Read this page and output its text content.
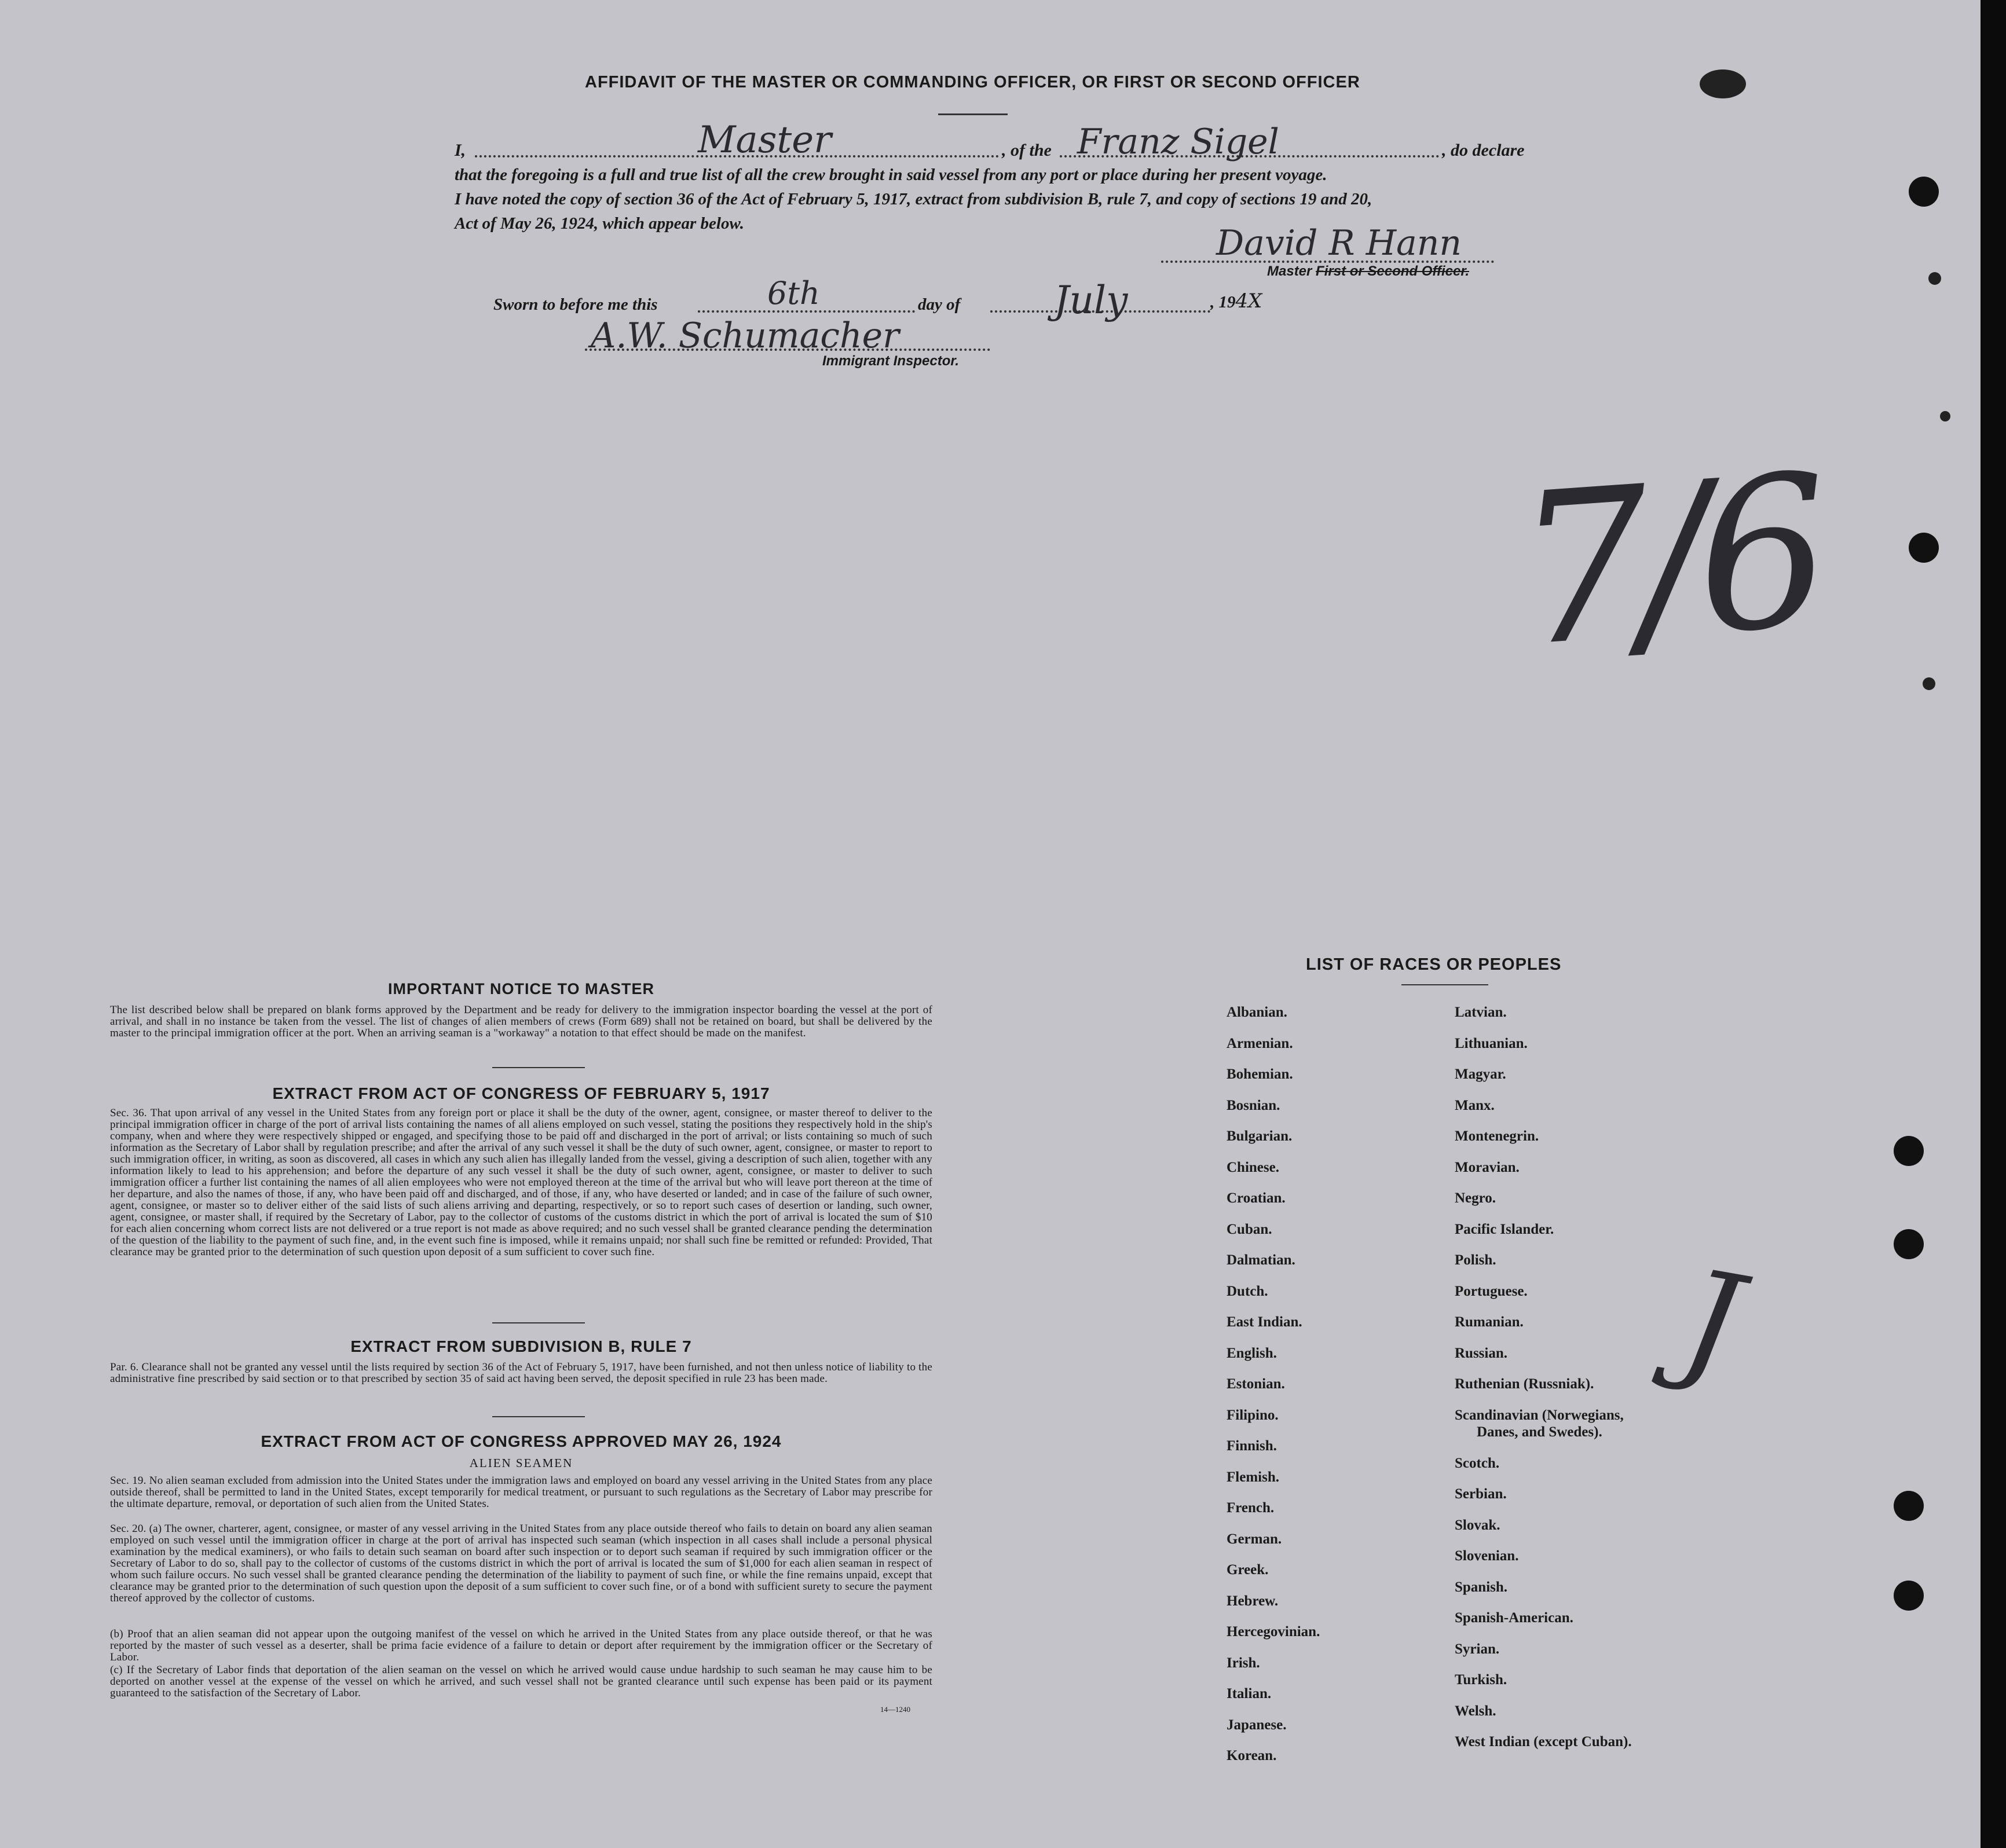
AFFIDAVIT OF THE MASTER OR COMMANDING OFFICER, OR FIRST OR SECOND OFFICER
I,	Master	, of the Franz Sigel	, do declare
that the foregoing is a full and true list of all the crew brought in said vessel from any port or place during her present voyage.
I have noted the copy of section 36 of the Act of February 5, 1917, extract from subdivision B, rule 7, and copy of sections 19 and 20,
Act of May 26, 1924, which appear below.	David R Hann
Master First or Second Officer.
Sworn to before me this	6th	day of July	, 194X
A.W. Schumacher
Immigrant Inspector.
7/6
J
IMPORTANT NOTICE TO MASTER
The list described below shall be prepared on blank forms approved by the Department and be ready for delivery to the immigration inspector boarding the vessel at the port of arrival, and shall in no instance be taken from the vessel. The list of changes of alien members of crews (Form 689) shall not be retained on board, but shall be delivered by the master to the principal immigration officer at the port. When an arriving seaman is a "workaway" a notation to that effect should be made on the manifest.
EXTRACT FROM ACT OF CONGRESS OF FEBRUARY 5, 1917
Sec. 36. That upon arrival of any vessel in the United States from any foreign port or place it shall be the duty of the owner, agent, consignee, or master thereof to deliver to the principal immigration officer in charge of the port of arrival lists containing the names of all aliens employed on such vessel, stating the positions they respectively hold in the ship's company, when and where they were respectively shipped or engaged, and specifying those to be paid off and discharged in the port of arrival; or lists containing so much of such information as the Secretary of Labor shall by regulation prescribe; and after the arrival of any such vessel it shall be the duty of such owner, agent, consignee, or master to report to such immigration officer, in writing, as soon as discovered, all cases in which any such alien has illegally landed from the vessel, giving a description of such alien, together with any information likely to lead to his apprehension; and before the departure of any such vessel it shall be the duty of such owner, agent, consignee, or master to deliver to such immigration officer a further list containing the names of all alien employees who were not employed thereon at the time of the arrival but who will leave port thereon at the time of her departure, and also the names of those, if any, who have been paid off and discharged, and of those, if any, who have deserted or landed; and in case of the failure of such owner, agent, consignee, or master so to deliver either of the said lists of such aliens arriving and departing, respectively, or so to report such cases of desertion or landing, such owner, agent, consignee, or master shall, if required by the Secretary of Labor, pay to the collector of customs of the customs district in which the port of arrival is located the sum of $10 for each alien concerning whom correct lists are not delivered or a true report is not made as above required; and no such vessel shall be granted clearance pending the determination of the question of the liability to the payment of such fine, and, in the event such fine is imposed, while it remains unpaid; nor shall such fine be remitted or refunded: Provided, That clearance may be granted prior to the determination of such question upon deposit of a sum sufficient to cover such fine.
EXTRACT FROM SUBDIVISION B, RULE 7
Par. 6. Clearance shall not be granted any vessel until the lists required by section 36 of the Act of February 5, 1917, have been furnished, and not then unless notice of liability to the administrative fine prescribed by said section or to that prescribed by section 35 of said act having been served, the deposit specified in rule 23 has been made.
EXTRACT FROM ACT OF CONGRESS APPROVED MAY 26, 1924
ALIEN SEAMEN
Sec. 19. No alien seaman excluded from admission into the United States under the immigration laws and employed on board any vessel arriving in the United States from any place outside thereof, shall be permitted to land in the United States, except temporarily for medical treatment, or pursuant to such regulations as the Secretary of Labor may prescribe for the ultimate departure, removal, or deportation of such alien from the United States.
Sec. 20. (a) The owner, charterer, agent, consignee, or master of any vessel arriving in the United States from any place outside thereof who fails to detain on board any alien seaman employed on such vessel until the immigration officer in charge at the port of arrival has inspected such seaman (which inspection in all cases shall include a personal physical examination by the medical examiners), or who fails to detain such seaman on board after such inspection or to deport such seaman if required by such immigration officer or the Secretary of Labor to do so, shall pay to the collector of customs of the customs district in which the port of arrival is located the sum of $1,000 for each alien seaman in respect of whom such failure occurs. No such vessel shall be granted clearance pending the determination of the liability to payment of such fine, or while the fine remains unpaid, except that clearance may be granted prior to the determination of such question upon the deposit of a sum sufficient to cover such fine, or of a bond with sufficient surety to secure the payment thereof approved by the collector of customs.
(b) Proof that an alien seaman did not appear upon the outgoing manifest of the vessel on which he arrived in the United States from any place outside thereof, or that he was reported by the master of such vessel as a deserter, shall be prima facie evidence of a failure to detain or deport after requirement by the immigration officer or the Secretary of Labor.
(c) If the Secretary of Labor finds that deportation of the alien seaman on the vessel on which he arrived would cause undue hardship to such seaman he may cause him to be deported on another vessel at the expense of the vessel on which he arrived, and such vessel shall not be granted clearance until such expense has been paid or its payment guaranteed to the satisfaction of the Secretary of Labor.
14—1240
LIST OF RACES OR PEOPLES
Albanian.
Armenian.
Bohemian.
Bosnian.
Bulgarian.
Chinese.
Croatian.
Cuban.
Dalmatian.
Dutch.
East Indian.
English.
Estonian.
Filipino.
Finnish.
Flemish.
French.
German.
Greek.
Hebrew.
Hercegovinian.
Irish.
Italian.
Japanese.
Korean.
Latvian.
Lithuanian.
Magyar.
Manx.
Montenegrin.
Moravian.
Negro.
Pacific Islander.
Polish.
Portuguese.
Rumanian.
Russian.
Ruthenian (Russniak).
Scandinavian (Norwegians,
Danes, and Swedes).
Scotch.
Serbian.
Slovak.
Slovenian.
Spanish.
Spanish-American.
Syrian.
Turkish.
Welsh.
West Indian (except Cuban).
